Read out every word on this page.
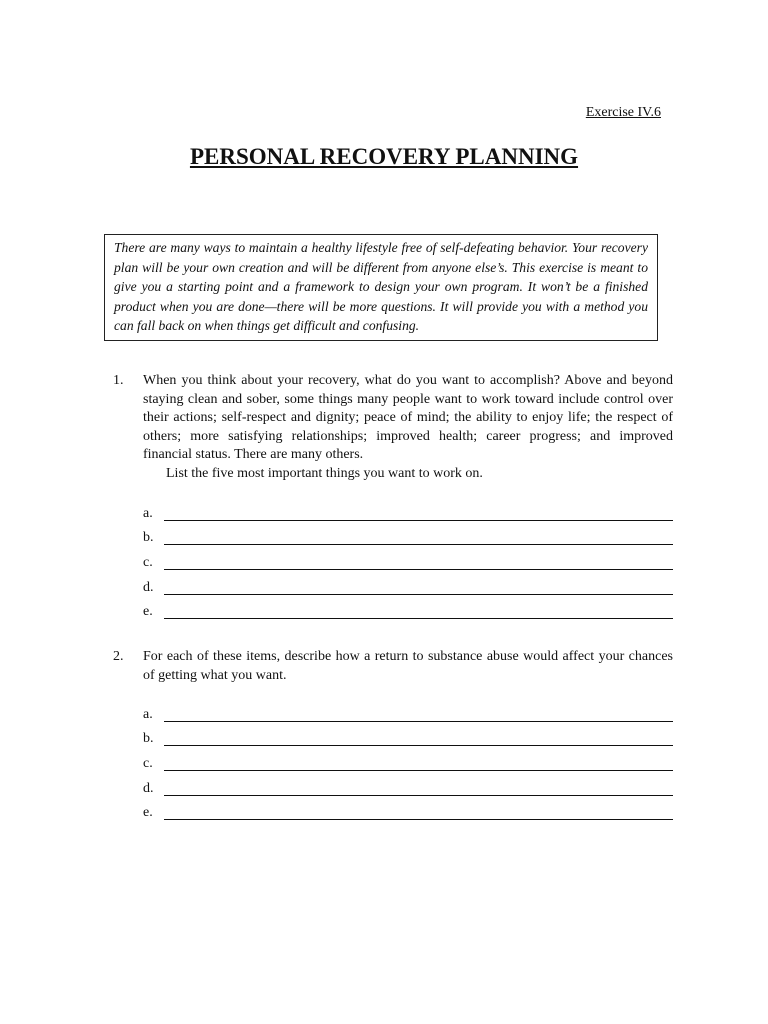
Exercise IV.6
PERSONAL RECOVERY PLANNING
There are many ways to maintain a healthy lifestyle free of self-defeating behavior. Your recovery plan will be your own creation and will be different from anyone else’s. This exercise is meant to give you a starting point and a framework to design your own program. It won’t be a finished product when you are done—there will be more questions. It will provide you with a method you can fall back on when things get difficult and confusing.
1. When you think about your recovery, what do you want to accomplish? Above and beyond staying clean and sober, some things many people want to work toward include control over their actions; self-respect and dignity; peace of mind; the ability to enjoy life; the respect of others; more satisfying relationships; improved health; career progress; and improved financial status. There are many others.
List the five most important things you want to work on.
a.
b.
c.
d.
e.
2. For each of these items, describe how a return to substance abuse would affect your chances of getting what you want.
a.
b.
c.
d.
e.
